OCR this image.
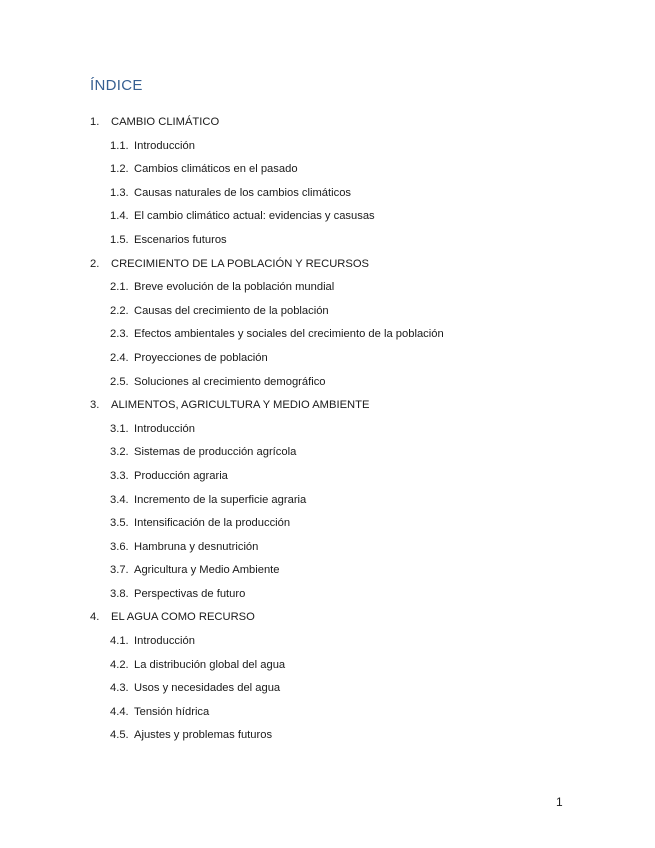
ÍNDICE
1. CAMBIO CLIMÁTICO
1.1. Introducción
1.2. Cambios climáticos en el pasado
1.3. Causas naturales de los cambios climáticos
1.4. El cambio climático actual: evidencias y casusas
1.5. Escenarios futuros
2. CRECIMIENTO DE LA POBLACIÓN Y RECURSOS
2.1. Breve evolución de la población mundial
2.2. Causas del crecimiento de la población
2.3. Efectos ambientales y sociales del crecimiento de la población
2.4. Proyecciones de población
2.5. Soluciones al crecimiento demográfico
3. ALIMENTOS, AGRICULTURA Y MEDIO AMBIENTE
3.1. Introducción
3.2. Sistemas de producción agrícola
3.3. Producción agraria
3.4. Incremento de la superficie agraria
3.5. Intensificación de la producción
3.6. Hambruna y desnutrición
3.7. Agricultura y Medio Ambiente
3.8. Perspectivas de futuro
4. EL AGUA COMO RECURSO
4.1. Introducción
4.2. La distribución global del agua
4.3. Usos y necesidades del agua
4.4. Tensión hídrica
4.5. Ajustes y problemas futuros
1
